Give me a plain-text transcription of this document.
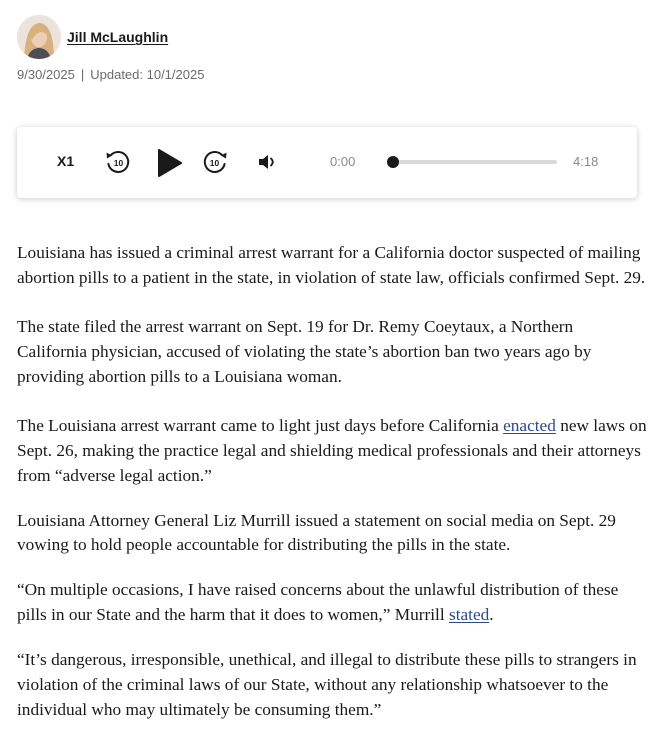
Jill McLaughlin
9/30/2025 | Updated: 10/1/2025
X1	10	10	0:00	4:18

Louisiana has issued a criminal arrest warrant for a California doctor suspected of mailing abortion pills to a patient in the state, in violation of state law, officials confirmed Sept. 29.

The state filed the arrest warrant on Sept. 19 for Dr. Remy Coeytaux, a Northern California physician, accused of violating the state’s abortion ban two years ago by providing abortion pills to a Louisiana woman.

The Louisiana arrest warrant came to light just days before California enacted new laws on Sept. 26, making the practice legal and shielding medical professionals and their attorneys from “adverse legal action.”

Louisiana Attorney General Liz Murrill issued a statement on social media on Sept. 29 vowing to hold people accountable for distributing the pills in the state.

“On multiple occasions, I have raised concerns about the unlawful distribution of these pills in our State and the harm that it does to women,” Murrill stated.

“It’s dangerous, irresponsible, unethical, and illegal to distribute these pills to strangers in violation of the criminal laws of our State, without any relationship whatsoever to the individual who may ultimately be consuming them.”
